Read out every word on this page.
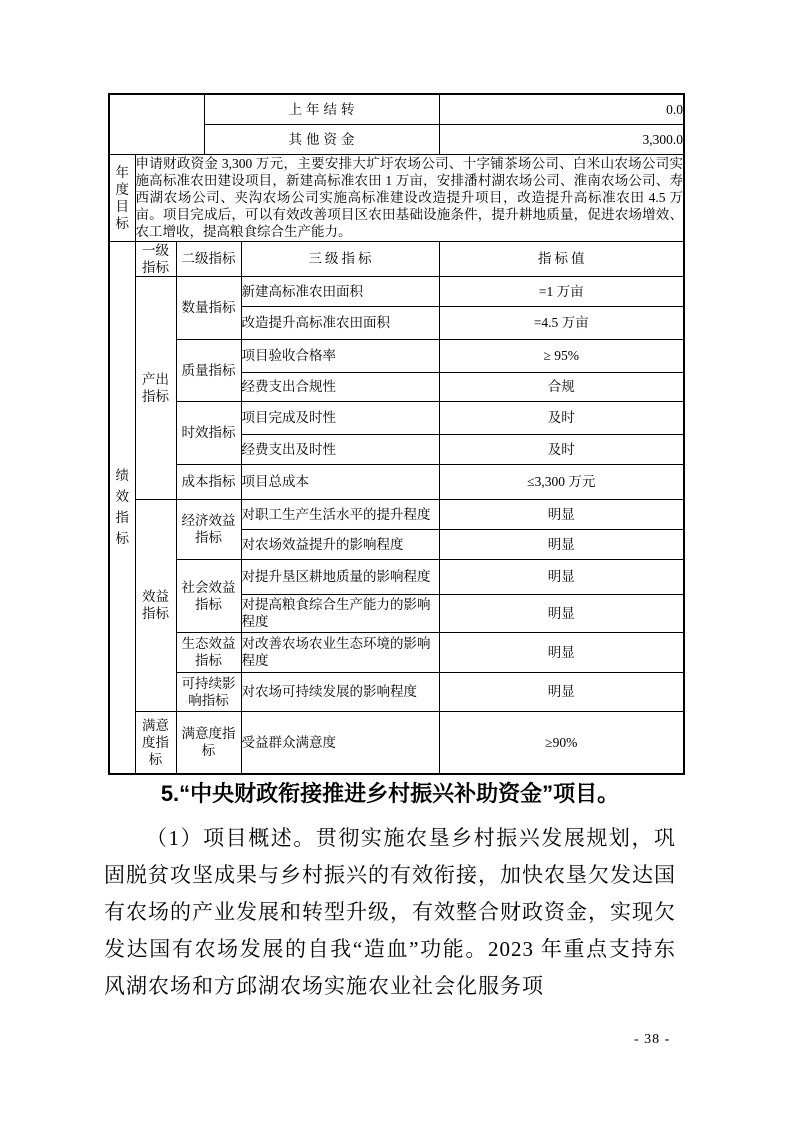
			上年结转		0.0
			其他资金		3,300.0
年度目标	申请财政资金 3,300 万元，主要安排大圹圩农场公司、十字铺茶场公司、白米山农场公司实施高标准农田建设项目，新建高标准农田 1 万亩，安排潘村湖农场公司、淮南农场公司、寿西湖农场公司、夹沟农场公司实施高标准建设改造提升项目，改造提升高标准农田 4.5 万亩。项目完成后，可以有效改善项目区农田基础设施条件，提升耕地质量，促进农场增效、农工增收，提高粮食综合生产能力。				
绩效指标	一级指标	二级指标		三级指标	指标值
	产出指标	数量指标		新建高标准农田面积	=1 万亩
				改造提升高标准农田面积	=4.5 万亩
		质量指标		项目验收合格率	≥ 95%
				经费支出合规性	合规
		时效指标		项目完成及时性	及时
				经费支出及时性	及时
		成本指标		项目总成本	≤3,300 万元
	效益指标	经济效益指标		对职工生产生活水平的提升程度	明显
				对农场效益提升的影响程度	明显
		社会效益指标		对提升垦区耕地质量的影响程度	明显
				对提高粮食综合生产能力的影响程度	明显
		生态效益指标		对改善农场农业生态环境的影响程度	明显
		可持续影响指标		对农场可持续发展的影响程度	明显
	满意度指标	满意度指标		受益群众满意度	≥90%
5.“中央财政衔接推进乡村振兴补助资金”项目。
（1）项目概述。贯彻实施农垦乡村振兴发展规划，巩固脱贫攻坚成果与乡村振兴的有效衔接，加快农垦欠发达国有农场的产业发展和转型升级，有效整合财政资金，实现欠发达国有农场发展的自我“造血”功能。2023 年重点支持东风湖农场和方邱湖农场实施农业社会化服务项
- 38 -
